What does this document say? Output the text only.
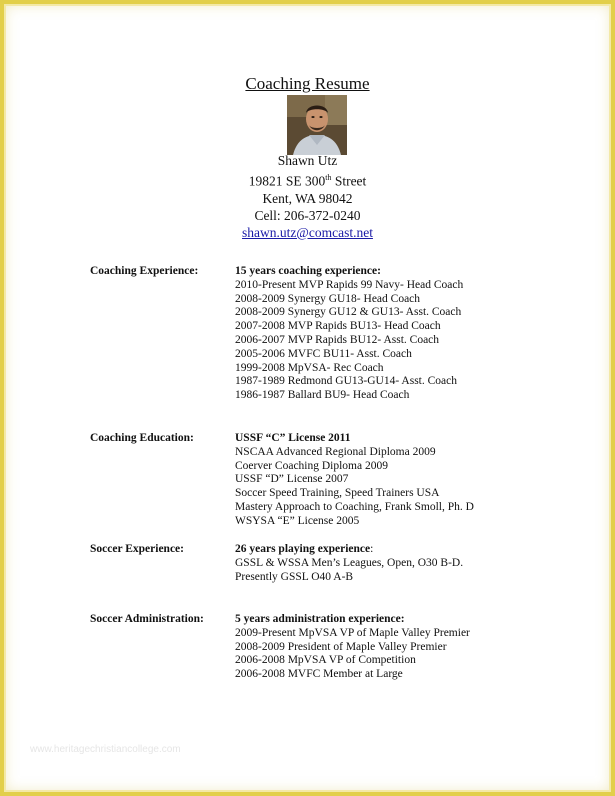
Coaching Resume
Shawn Utz
19821 SE 300th Street
Kent, WA 98042
Cell: 206-372-0240
shawn.utz@comcast.net
Coaching Experience:	15 years coaching experience:
2010-Present MVP Rapids 99 Navy- Head Coach
2008-2009 Synergy GU18- Head Coach
2008-2009 Synergy GU12 & GU13- Asst. Coach
2007-2008 MVP Rapids BU13- Head Coach
2006-2007 MVP Rapids BU12- Asst. Coach
2005-2006 MVFC BU11- Asst. Coach
1999-2008 MpVSA- Rec Coach
1987-1989 Redmond GU13-GU14- Asst. Coach
1986-1987 Ballard BU9- Head Coach
Coaching Education:	USSF “C” License 2011
NSCAA Advanced Regional Diploma 2009
Coerver Coaching Diploma 2009
USSF “D” License 2007
Soccer Speed Training, Speed Trainers USA
Mastery Approach to Coaching, Frank Smoll, Ph. D
WSYSA “E” License 2005
Soccer Experience:	26 years playing experience:
GSSL & WSSA Men’s Leagues, Open, O30 B-D.
Presently GSSL O40 A-B
Soccer Administration:	5 years administration experience:
2009-Present MpVSA VP of Maple Valley Premier
2008-2009 President of Maple Valley Premier
2006-2008 MpVSA VP of Competition
2006-2008 MVFC Member at Large
www.heritagechristiancollege.com
